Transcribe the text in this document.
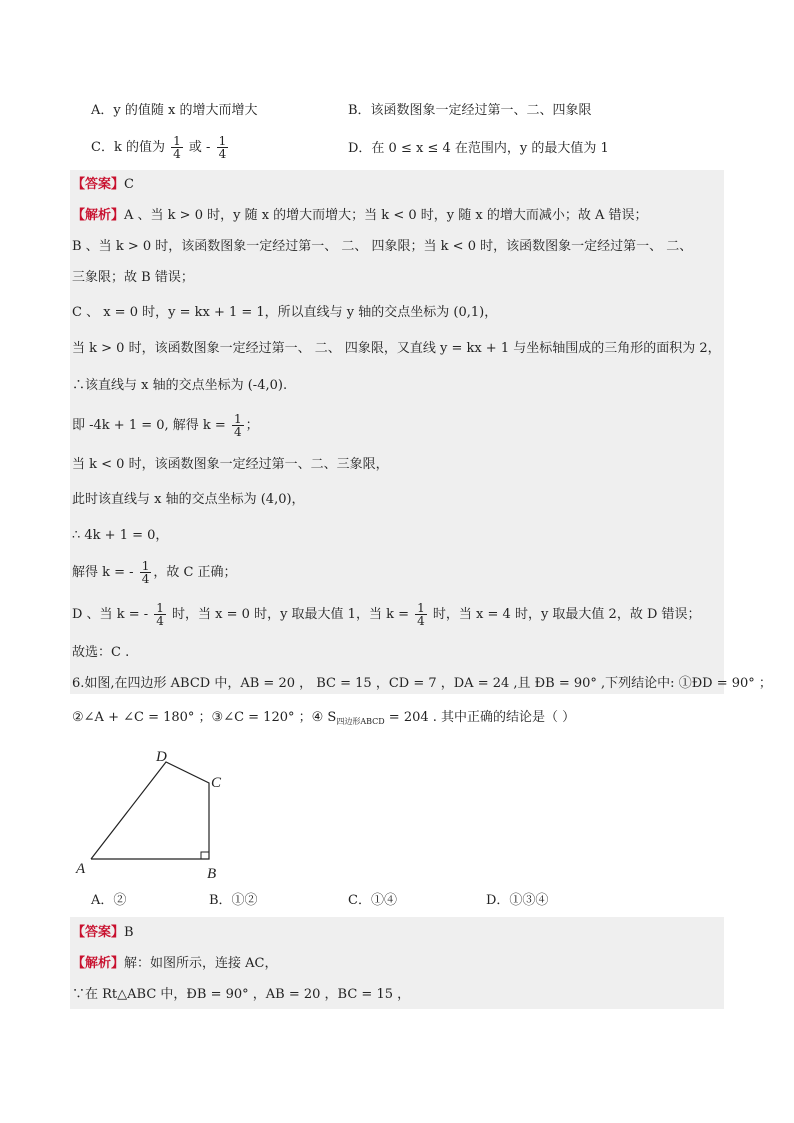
A．y 的值随 x 的增大而增大	B．该函数图象一定经过第一、二、四象限
C．k 的值为 $\frac{1}{4}$ 或 - $\frac{1}{4}$	D．在 0 ≤ x ≤ 4 在范围内，y 的最大值为 1
【答案】C
【解析】A 、当 k > 0 时，y 随 x 的增大而增大；当 k < 0 时，y 随 x 的增大而减小；故 A 错误；
B 、当 k > 0 时，该函数图象一定经过第一、 二、 四象限；当 k < 0 时，该函数图象一定经过第一、 二、
三象限；故 B 错误；
C 、 x = 0 时，y = kx + 1 = 1，所以直线与 y 轴的交点坐标为 (0,1)，
当 k > 0 时，该函数图象一定经过第一、 二、 四象限，又直线 y = kx + 1 与坐标轴围成的三角形的面积为 2，
∴该直线与 x 轴的交点坐标为 (-4,0).
即 -4k + 1 = 0, 解得 $k = \frac{1}{4}$ ；
当 k < 0 时，该函数图象一定经过第一、二、三象限，
此时该直线与 x 轴的交点坐标为 (4,0)，
∴ 4k + 1 = 0，
解得 k = - $\frac{1}{4}$ ，故 C 正确；
D 、当 k = - $\frac{1}{4}$ 时，当 x = 0 时，y 取最大值 1，当 $k = \frac{1}{4}$ 时，当 x = 4 时，y 取最大值 2，故 D 错误；
故选：C .
6.如图,在四边形 ABCD 中，AB = 20 ， BC = 15 ，CD = 7 ，DA = 24 ,且 ÐB = 90° ,下列结论中: ①ÐD = 90° ；
②∠A + ∠C = 180° ；③∠C = 120° ；④ $S_{四边形ABCD} = 204$ . 其中正确的结论是（ ）
A	B
C
D
A．②	B．①②	C．①④	D．①③④
【答案】B
【解析】解：如图所示，连接 AC，
∵在 Rt△ABC 中，ÐB = 90° ，AB = 20 ，BC = 15 ，
